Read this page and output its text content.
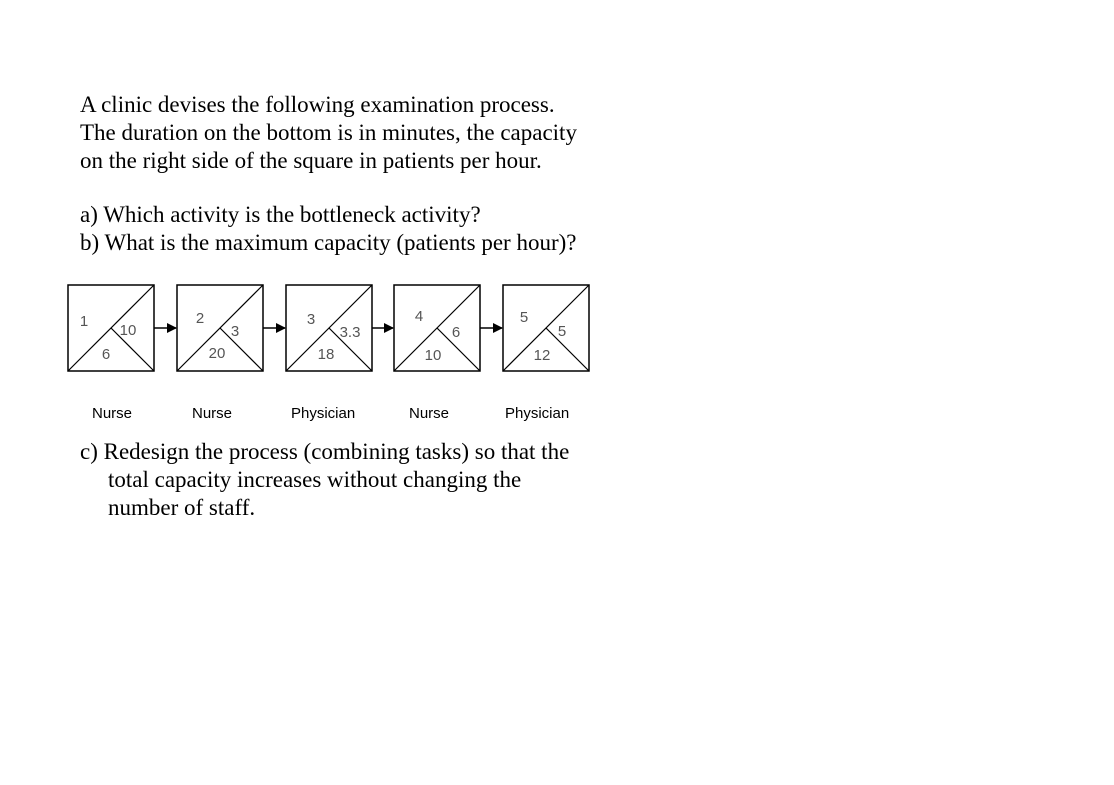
A clinic devises the following examination process.
The duration on the bottom is in minutes, the capacity
on the right side of the square in patients per hour.
a) Which activity is the bottleneck activity?
b) What is the maximum capacity (patients per hour)?
1
10
6
2
3
20
3
3.3
18
4
6
10
5
5
12
Nurse	Nurse	Physician	Nurse	Physician
c) Redesign the process (combining tasks) so that the
total capacity increases without changing the
number of staff.
